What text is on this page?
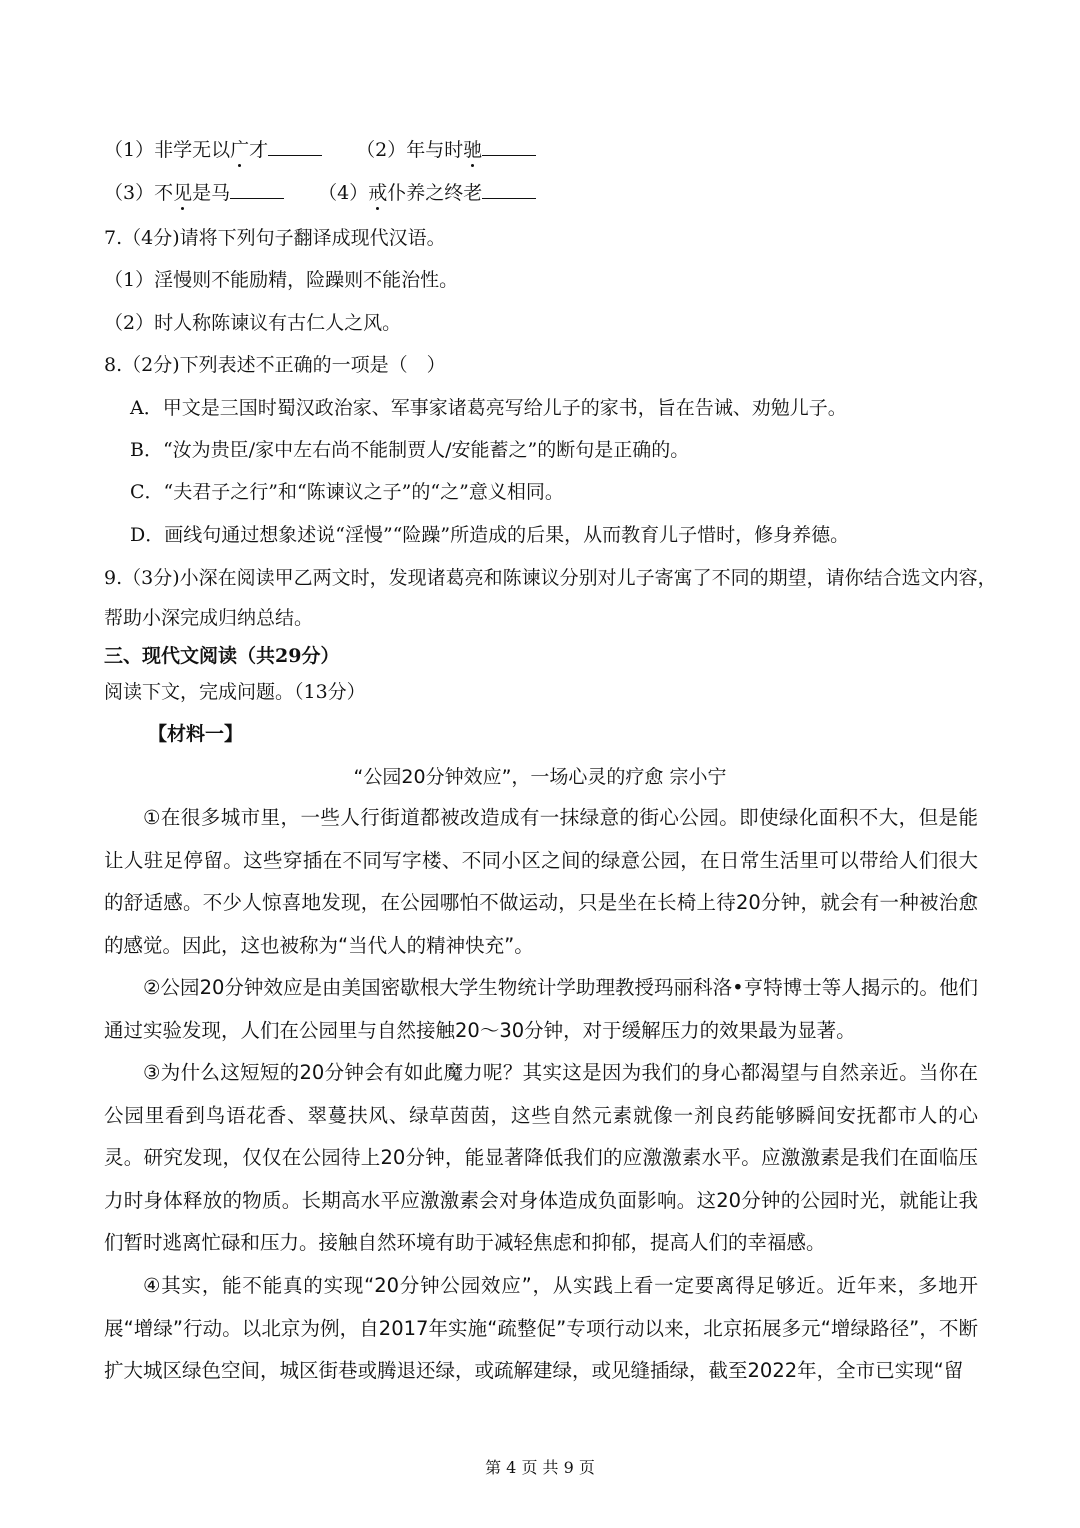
（1）非学无以广才	（2）年与时驰
（3）不见是马	（4）戒仆养之终老
7.（4分)请将下列句子翻译成现代汉语。
（1）淫慢则不能励精，险躁则不能治性。
（2）时人称陈谏议有古仁人之风。
8.（2分)下列表述不正确的一项是（　）
A．甲文是三国时蜀汉政治家、军事家诸葛亮写给儿子的家书，旨在告诫、劝勉儿子。
B．“汝为贵臣/家中左右尚不能制贾人/安能蓄之”的断句是正确的。
C．“夫君子之行”和“陈谏议之子”的“之”意义相同。
D．画线句通过想象述说“淫慢”“险躁”所造成的后果，从而教育儿子惜时，修身养德。
9.（3分)小深在阅读甲乙两文时，发现诸葛亮和陈谏议分别对儿子寄寓了不同的期望，请你结合选文内容，
帮助小深完成归纳总结。
三、现代文阅读（共29分）
阅读下文，完成问题。（13分）
【材料一】
“公园20分钟效应”，一场心灵的疗愈 宗小宁
①在很多城市里，一些人行街道都被改造成有一抹绿意的街心公园。即使绿化面积不大，但是能让人驻足停留。这些穿插在不同写字楼、不同小区之间的绿意公园，在日常生活里可以带给人们很大的舒适感。不少人惊喜地发现，在公园哪怕不做运动，只是坐在长椅上待20分钟，就会有一种被治愈的感觉。因此，这也被称为“当代人的精神快充”。
②公园20分钟效应是由美国密歇根大学生物统计学助理教授玛丽科洛•亨特博士等人揭示的。他们通过实验发现，人们在公园里与自然接触20～30分钟，对于缓解压力的效果最为显著。
③为什么这短短的20分钟会有如此魔力呢？其实这是因为我们的身心都渴望与自然亲近。当你在公园里看到鸟语花香、翠蔓扶风、绿草茵茵，这些自然元素就像一剂良药能够瞬间安抚都市人的心灵。研究发现，仅仅在公园待上20分钟，能显著降低我们的应激激素水平。应激激素是我们在面临压力时身体释放的物质。长期高水平应激激素会对身体造成负面影响。这20分钟的公园时光，就能让我们暂时逃离忙碌和压力。接触自然环境有助于减轻焦虑和抑郁，提高人们的幸福感。
④其实，能不能真的实现“20分钟公园效应”，从实践上看一定要离得足够近。近年来，多地开展“增绿”行动。以北京为例，自2017年实施“疏整促”专项行动以来，北京拓展多元“增绿路径”，不断扩大城区绿色空间，城区街巷或腾退还绿，或疏解建绿，或见缝插绿，截至2022年，全市已实现“留
第 4 页 共 9 页
